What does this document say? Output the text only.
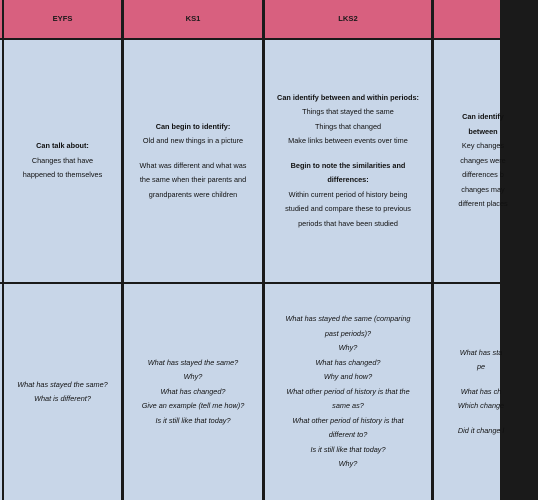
EYFS	KS1	LKS2
Can talk about:
Changes that have
happened to themselves
Can begin to identify:
Old and new things in a picture
What was different and what was
the same when their parents and
grandparents were children
Can identify between and within periods:
Things that stayed the same
Things that changed
Make links between events over time
Begin to note the similarities and
differences:
Within current period of history being
studied and compare these to previous
periods that have been studied
Can identify
between
Key changes
changes were
differences b
changes may
different places
What has stayed the same?
What is different?
What has stayed the same?
Why?
What has changed?
Give an example (tell me how)?
Is it still like that today?
What has stayed the same (comparing
past periods)?
Why?
What has changed?
Why and how?
What other period of history is that the
same as?
What other period of history is that
different to?
Is it still like that today?
Why?
What has sta
pe
What has ch
Which change
Did it change l
